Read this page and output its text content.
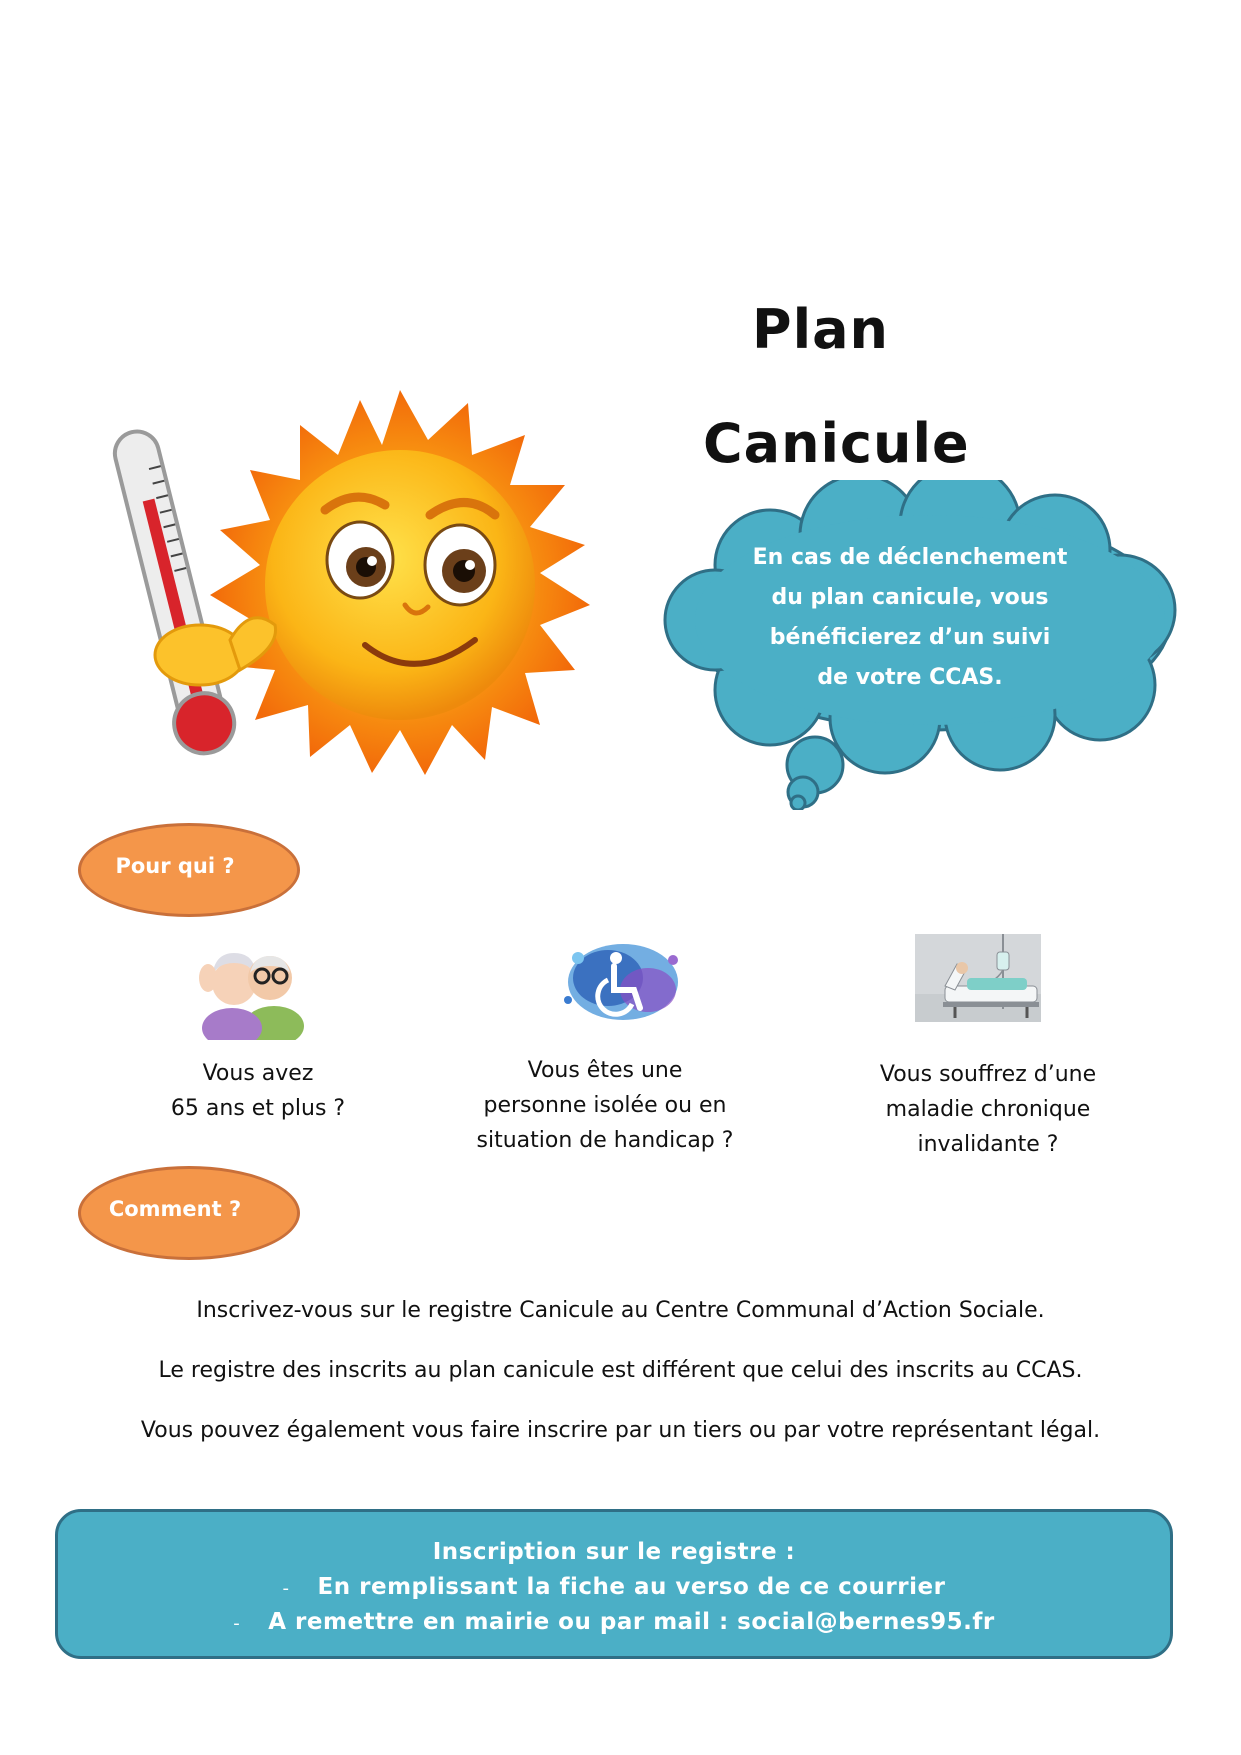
Plan
Canicule
En cas de déclenchement
du plan canicule, vous
bénéficierez d’un suivi
de votre CCAS.
Pour qui ?
Vous avez
65 ans et plus ?
Vous êtes une
personne isolée ou en
situation de handicap ?
Vous souffrez d’une
maladie chronique
invalidante ?
Comment ?
Inscrivez-vous sur le registre Canicule au Centre Communal d’Action Sociale.
Le registre des inscrits au plan canicule est différent que celui des inscrits au CCAS.
Vous pouvez également vous faire inscrire par un tiers ou par votre représentant légal.
Inscription sur le registre :
- En remplissant la fiche au verso de ce courrier
- A remettre en mairie ou par mail : social@bernes95.fr
